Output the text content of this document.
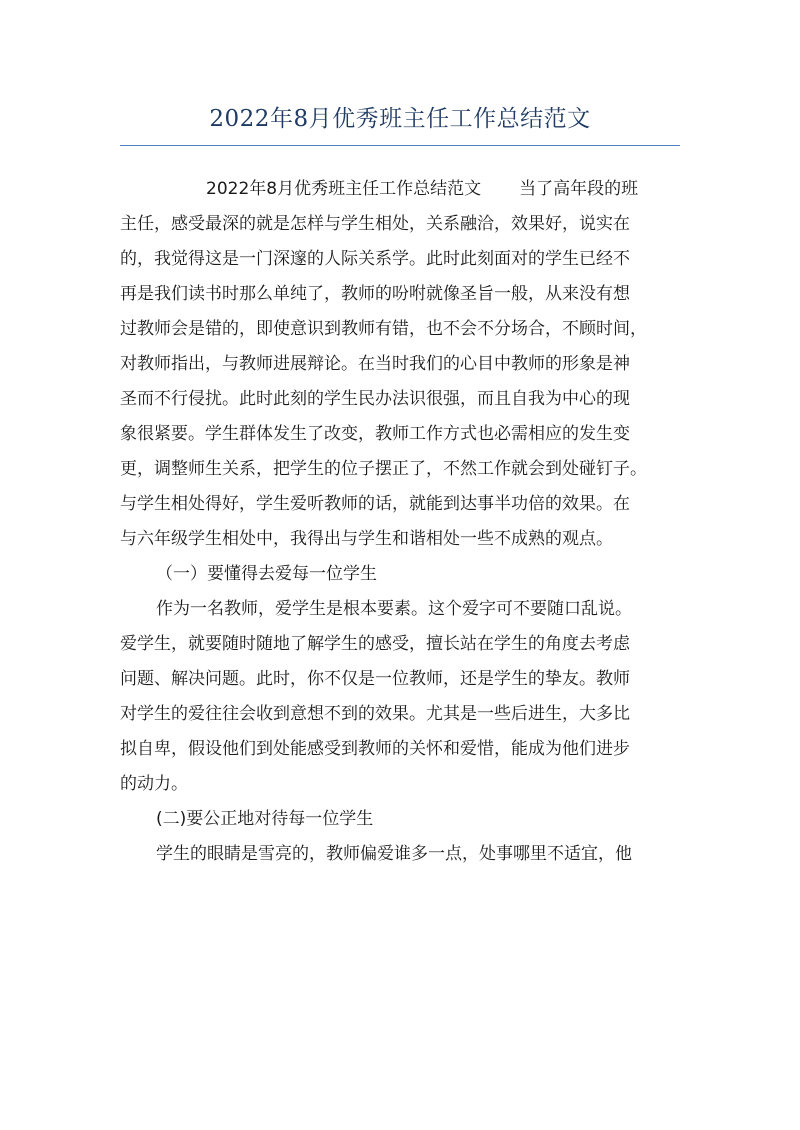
2022年8月优秀班主任工作总结范文
2022年8月优秀班主任工作总结范文 当了高年段的班
主任，感受最深的就是怎样与学生相处，关系融洽，效果好，说实在
的，我觉得这是一门深邃的人际关系学。此时此刻面对的学生已经不
再是我们读书时那么单纯了，教师的吩咐就像圣旨一般，从来没有想
过教师会是错的，即使意识到教师有错，也不会不分场合，不顾时间，
对教师指出，与教师进展辩论。在当时我们的心目中教师的形象是神
圣而不行侵扰。此时此刻的学生民办法识很强，而且自我为中心的现
象很紧要。学生群体发生了改变，教师工作方式也必需相应的发生变
更，调整师生关系，把学生的位子摆正了，不然工作就会到处碰钉子。
与学生相处得好，学生爱听教师的话，就能到达事半功倍的效果。在
与六年级学生相处中，我得出与学生和谐相处一些不成熟的观点。
（一）要懂得去爱每一位学生
作为一名教师，爱学生是根本要素。这个爱字可不要随口乱说。
爱学生，就要随时随地了解学生的感受，擅长站在学生的角度去考虑
问题、解决问题。此时，你不仅是一位教师，还是学生的挚友。教师
对学生的爱往往会收到意想不到的效果。尤其是一些后进生，大多比
拟自卑，假设他们到处能感受到教师的关怀和爱惜，能成为他们进步
的动力。
(二)要公正地对待每一位学生
学生的眼睛是雪亮的，教师偏爱谁多一点，处事哪里不适宜，他
